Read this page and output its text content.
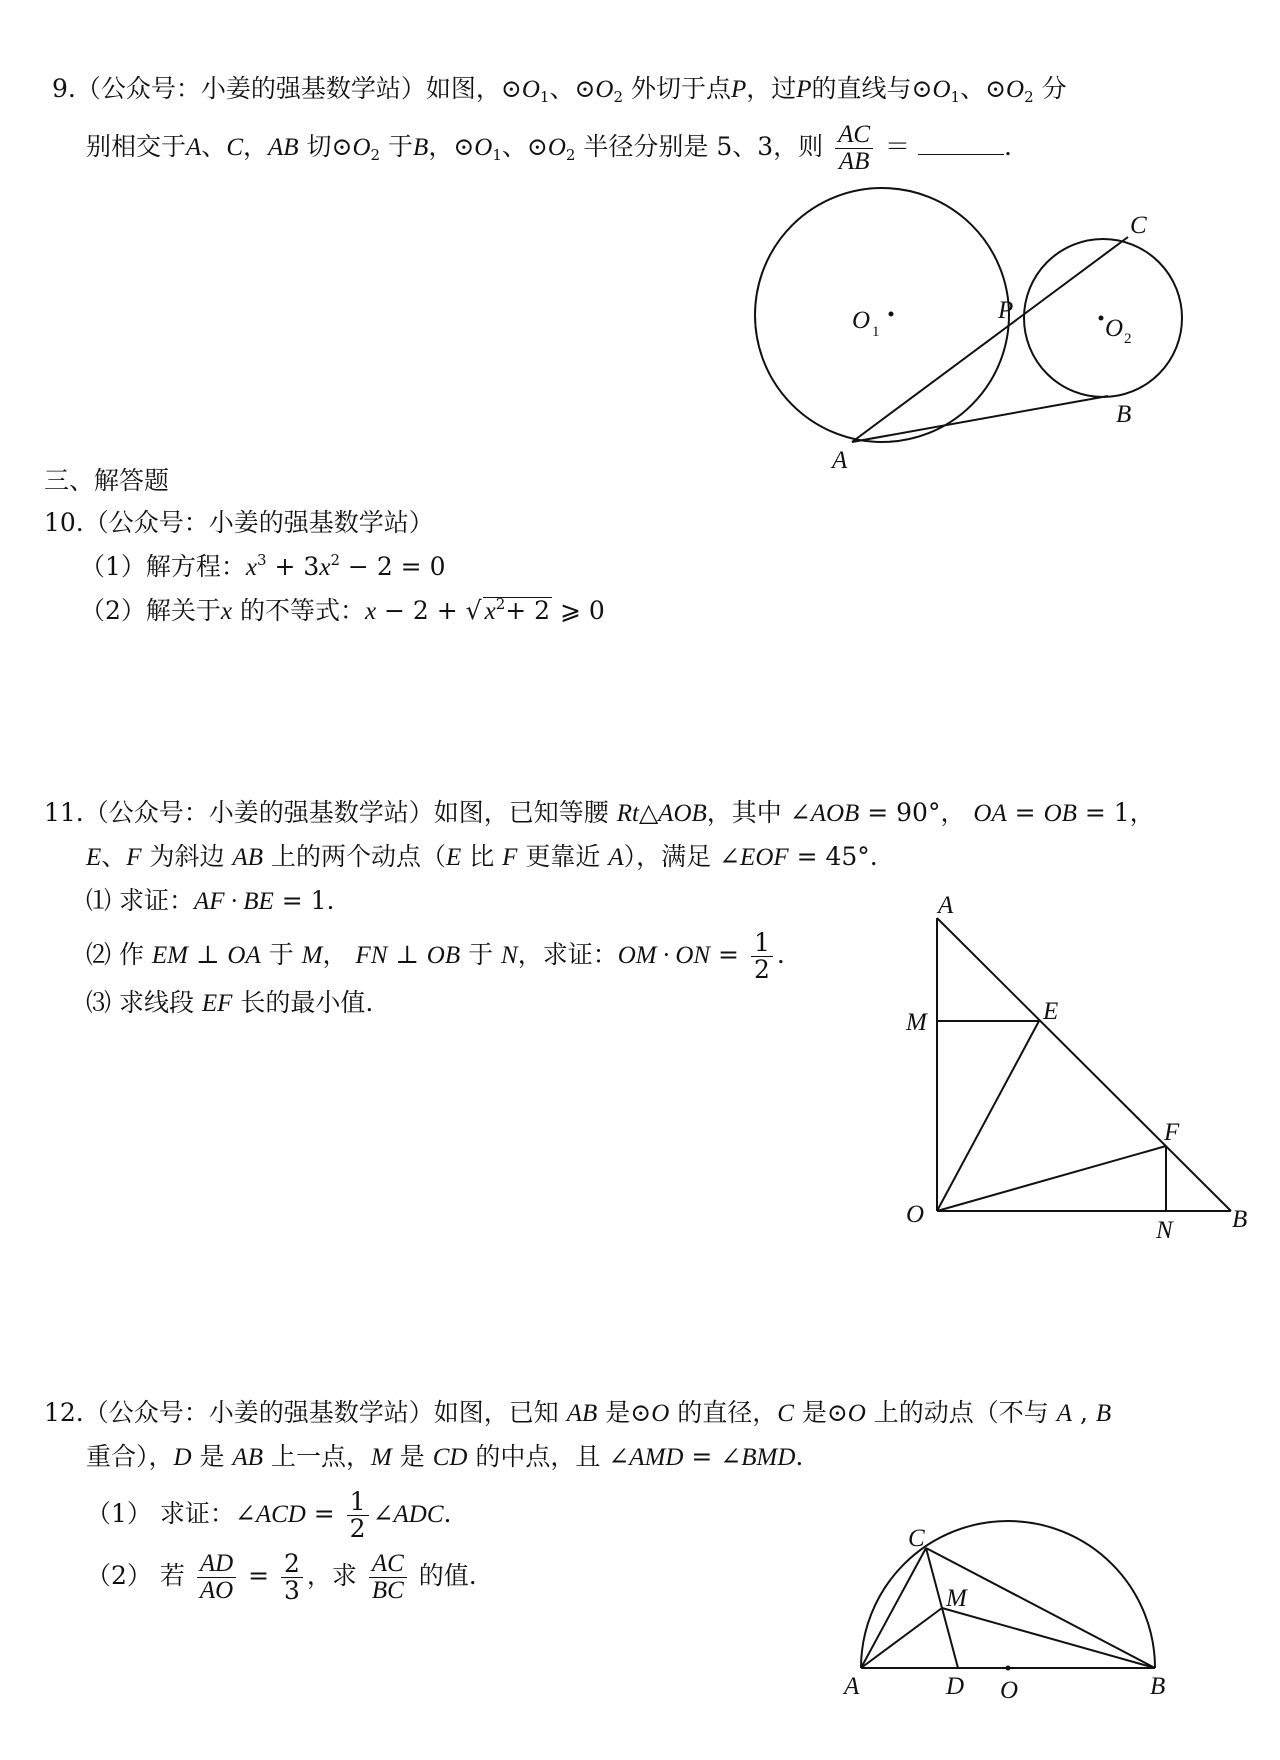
9.（公众号：小姜的强基数学站）如图，$⊙O_1$、$⊙O_2$ 外切于点P，过P的直线与$⊙O_1$、$⊙O_2$ 分
别相交于A、C，AB 切$⊙O_2$ 于B，$⊙O_1$、$⊙O_2$ 半径分别是 5、3，则 $\frac{AC}{AB}$ ＝	.
C
P
O 1	O 2
B
A
三、解答题
10.（公众号：小姜的强基数学站）
（1）解方程：$x^3 + 3x^2 - 2 = 0$
（2）解关于x 的不等式：x − 2 + √ $x^2+ 2$ ⩾ 0
11.（公众号：小姜的强基数学站）如图，已知等腰 Rt△AOB，其中 ∠AOB = 90°， OA = OB = 1，
E、F 为斜边 AB 上的两个动点（E 比 F 更靠近 A），满足 ∠EOF = 45°.
⑴ 求证：AF · BE = 1.
⑵ 作 EM ⊥ OA 于 M， FN ⊥ OB 于 N，求证：OM · ON = $\frac{1}{2}$ .
⑶ 求线段 EF 长的最小值.
A
M	E
F
O
N B
12.（公众号：小姜的强基数学站）如图，已知 AB 是⊙O 的直径，C 是⊙O 上的动点（不与 A , B
重合），D 是 AB 上一点，M 是 CD 的中点，且 ∠AMD = ∠BMD.
（1） 求证：∠ACD = $\frac{1}{2}$ ∠ADC.
（2） 若 $\frac{AD}{AO} = \frac{2}{3}$ ，求 $\frac{AC}{BC}$ 的值.
C
M
A	D O	B
